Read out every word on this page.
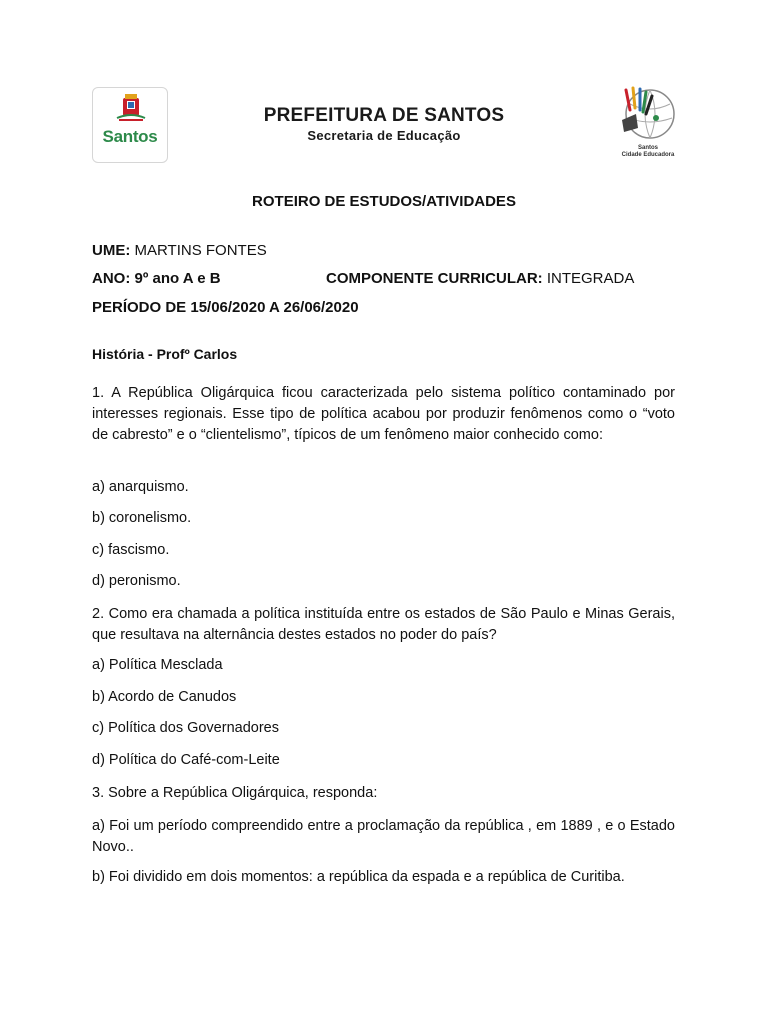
Santos
PREFEITURA DE SANTOS
Secretaria de Educação
Santos
Cidade Educadora
ROTEIRO DE ESTUDOS/ATIVIDADES
UME: MARTINS FONTES
ANO: 9º ano A e B	COMPONENTE CURRICULAR: INTEGRADA
PERÍODO DE 15/06/2020 A 26/06/2020
História - Profº Carlos
1. A República Oligárquica ficou caracterizada pelo sistema político contaminado por interesses regionais. Esse tipo de política acabou por produzir fenômenos como o “voto de cabresto” e o “clientelismo”, típicos de um fenômeno maior conhecido como:
a) anarquismo.
b) coronelismo.
c) fascismo.
d) peronismo.
2. Como era chamada a política instituída entre os estados de São Paulo e Minas Gerais, que resultava na alternância destes estados no poder do país?
a) Política Mesclada
b) Acordo de Canudos
c) Política dos Governadores
d) Política do Café-com-Leite
3. Sobre a República Oligárquica, responda:
a) Foi um período compreendido entre a proclamação da república , em 1889 , e o Estado Novo..
b) Foi dividido em dois momentos: a república da espada e a república de Curitiba.
